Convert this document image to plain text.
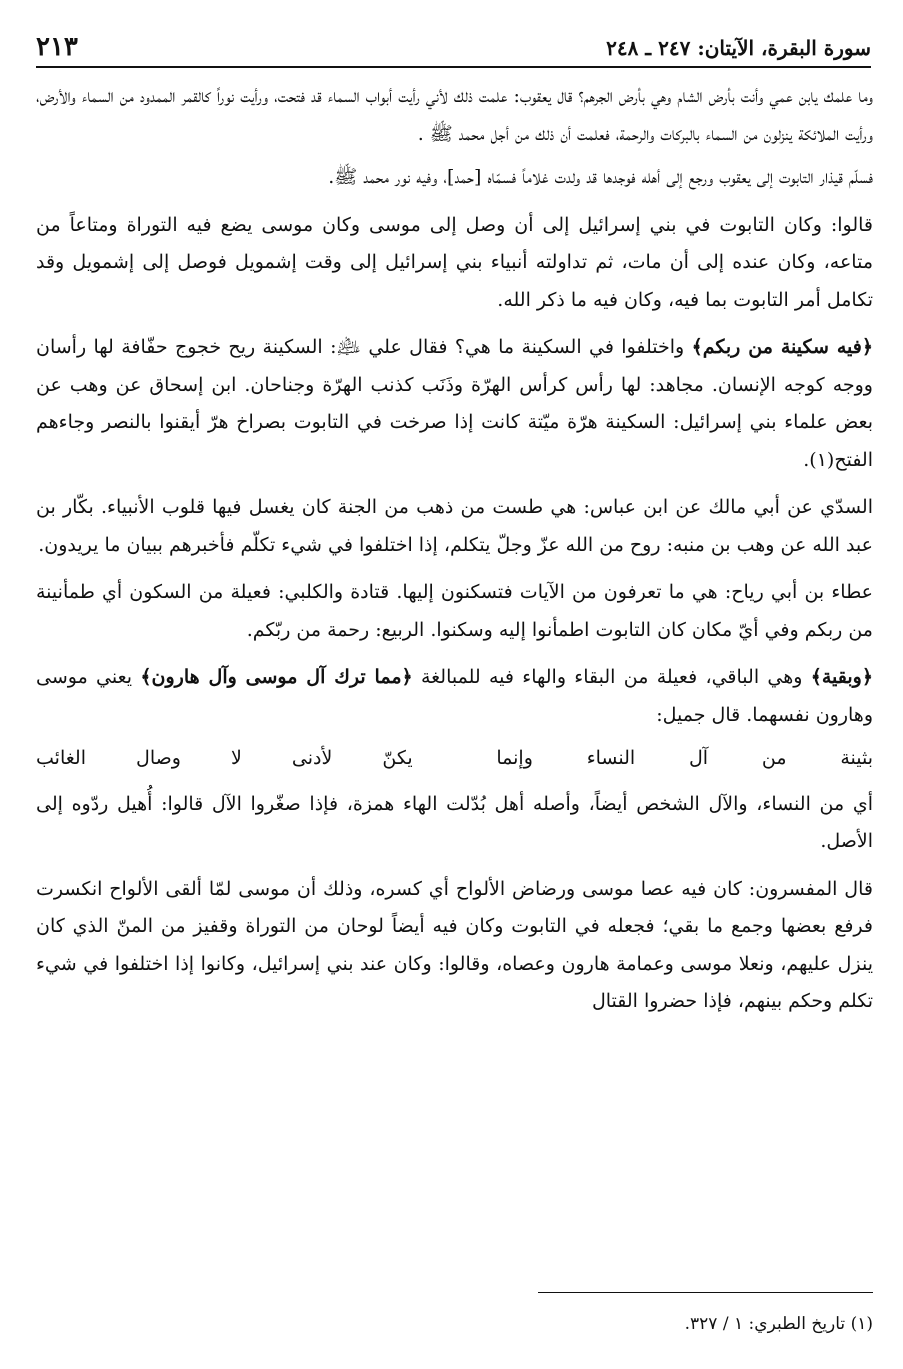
سورة البقرة، الآيتان: ٢٤٧ ـ ٢٤٨
٢١٣

وما علمك يابن عمي وأنت بأرض الشام وهي بأرض الجرهم؟ قال يعقوب: علمت ذلك لأني رأيت أبواب السماء قد فتحت، ورأيت نوراً كالقمر الممدود من السماء والأرض، ورأيت الملائكة ينزلون من السماء بالبركات والرحمة، فعلمت أن ذلك من أجل محمد ﷺ .

فسلّم قيذار التابوت إلى يعقوب ورجع إلى أهله فوجدها قد ولدت غلاماً فسمّاه [حمد]، وفيه نور محمد ﷺ.

قالوا: وكان التابوت في بني إسرائيل إلى أن وصل إلى موسى وكان موسى يضع فيه التوراة ومتاعاً من متاعه، وكان عنده إلى أن مات، ثم تداولته أنبياء بني إسرائيل إلى وقت إشمويل فوصل إلى إشمويل وقد تكامل أمر التابوت بما فيه، وكان فيه ما ذكر الله.

﴿فيه سكينة من ربكم﴾ واختلفوا في السكينة ما هي؟ فقال علي ﵇: السكينة ريح خجوج حفّافة لها رأسان ووجه كوجه الإنسان. مجاهد: لها رأس كرأس الهرّة وذَنَب كذنب الهرّة وجناحان. ابن إسحاق عن وهب عن بعض علماء بني إسرائيل: السكينة هرّة ميّتة كانت إذا صرخت في التابوت بصراخ هرّ أيقنوا بالنصر وجاءهم الفتح(١).

السدّي عن أبي مالك عن ابن عباس: هي طست من ذهب من الجنة كان يغسل فيها قلوب الأنبياء. بكّار بن عبد الله عن وهب بن منبه: روح من الله عزّ وجلّ يتكلم، إذا اختلفوا في شيء تكلّم فأخبرهم ببيان ما يريدون.

عطاء بن أبي رياح: هي ما تعرفون من الآيات فتسكنون إليها. قتادة والكلبي: فعيلة من السكون أي طمأنينة من ربكم وفي أيّ مكان كان التابوت اطمأنوا إليه وسكنوا. الربيع: رحمة من ربّكم.

﴿وبقية﴾ وهي الباقي، فعيلة من البقاء والهاء فيه للمبالغة ﴿مما ترك آل موسى وآل هارون﴾ يعني موسى وهارون نفسهما. قال جميل:

بثينة من آل النساء وإنما
يكنّ لأدنى لا وصال الغائب

أي من النساء، والآل الشخص أيضاً، وأصله أهل بُدّلت الهاء همزة، فإذا صغّروا الآل قالوا: أُهيل ردّوه إلى الأصل.

قال المفسرون: كان فيه عصا موسى ورضاض الألواح أي كسره، وذلك أن موسى لمّا ألقى الألواح انكسرت فرفع بعضها وجمع ما بقي؛ فجعله في التابوت وكان فيه أيضاً لوحان من التوراة وقفيز من المنّ الذي كان ينزل عليهم، ونعلا موسى وعمامة هارون وعصاه، وقالوا: وكان عند بني إسرائيل، وكانوا إذا اختلفوا في شيء تكلم وحكم بينهم، فإذا حضروا القتال

(١) تاريخ الطبري: ١ / ٣٢٧.
